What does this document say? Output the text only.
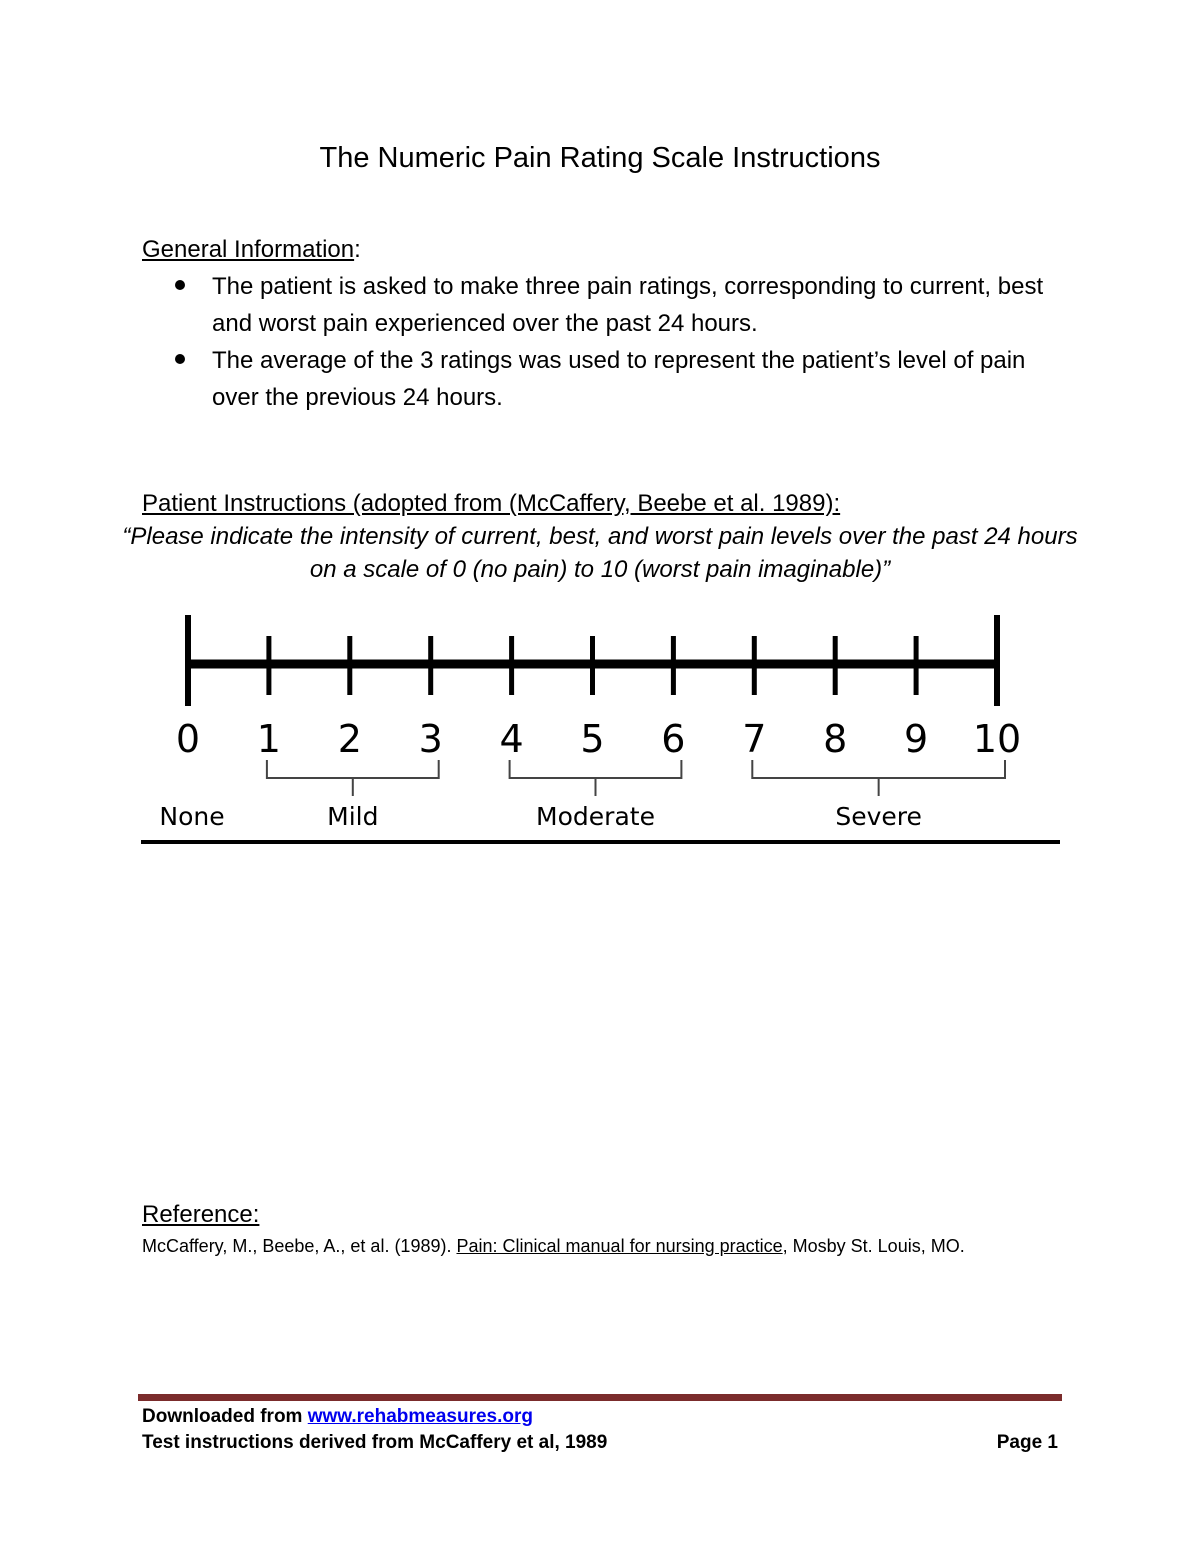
The Numeric Pain Rating Scale Instructions

General Information:

The patient is asked to make three pain ratings, corresponding to current, best and worst pain experienced over the past 24 hours.
The average of the 3 ratings was used to represent the patient’s level of pain over the previous 24 hours.

Patient Instructions (adopted from (McCaffery, Beebe et al. 1989):

“Please indicate the intensity of current, best, and worst pain levels over the past 24 hours on a scale of 0 (no pain) to 10 (worst pain imaginable)”

0 1 2 3 4 5 6 7 8 9 10
None	Mild	Moderate	Severe

Reference:

McCaffery, M., Beebe, A., et al. (1989). Pain: Clinical manual for nursing practice, Mosby St. Louis, MO.

Downloaded from www.rehabmeasures.org

Test instructions derived from McCaffery et al, 1989	Page 1
